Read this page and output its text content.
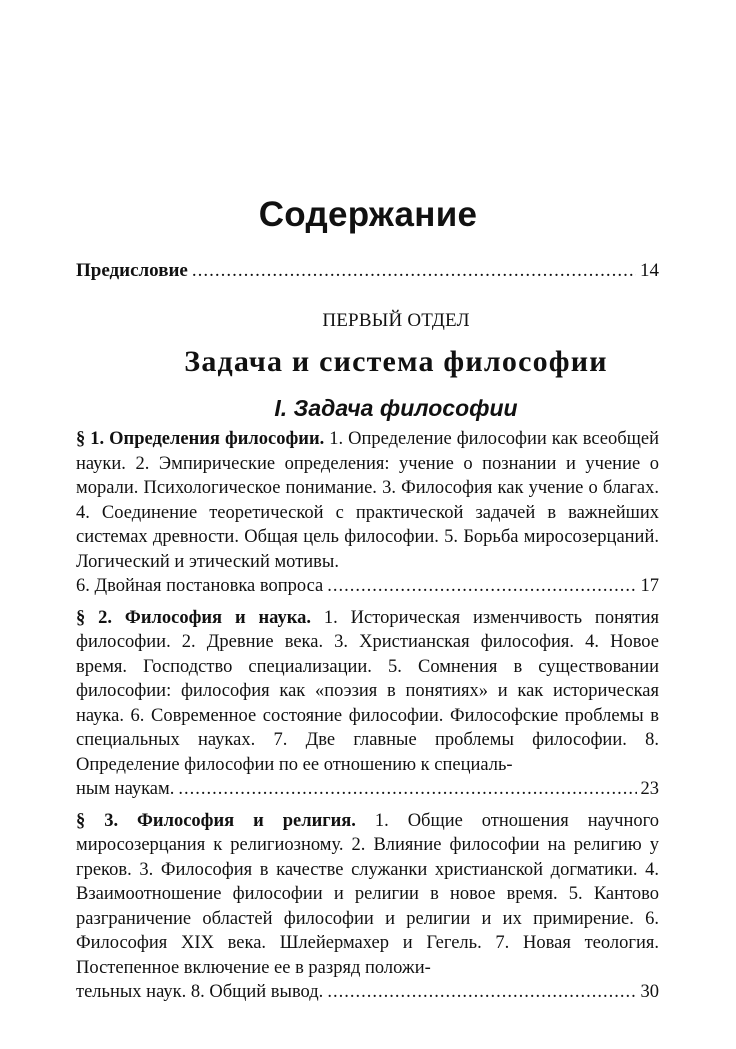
Содержание
Предисловие .....	14
ПЕРВЫЙ ОТДЕЛ
Задача и система философии
I. Задача философии
§ 1. Определения философии. 1. Определение философии как всеобщей науки. 2. Эмпирические определения: учение о познании и учение о морали. Психологическое понимание. 3. Философия как учение о благах. 4. Соединение теоретической с практической задачей в важнейших системах древности. Общая цель философии. 5. Борьба миросозерцаний. Логический и этический мотивы.
6. Двойная постановка вопроса .....	17
§ 2. Философия и наука. 1. Историческая изменчивость понятия философии. 2. Древние века. 3. Христианская философия. 4. Новое время. Господство специализации. 5. Сомнения в существовании философии: философия как «поэзия в понятиях» и как историческая наука. 6. Современное состояние философии. Философские проблемы в специальных науках. 7. Две главные проблемы философии. 8. Определение философии по ее отношению к специаль-
ным наукам. .....	23
§ 3. Философия и религия. 1. Общие отношения научного миросозерцания к религиозному. 2. Влияние философии на религию у греков. 3. Философия в качестве служанки христианской догматики. 4. Взаимоотношение философии и религии в новое время. 5. Кантово разграничение областей философии и религии и их примирение. 6. Философия XIX века. Шлейермахер и Гегель. 7. Новая теология. Постепенное включение ее в разряд положи-
тельных наук. 8. Общий вывод. .....	30
